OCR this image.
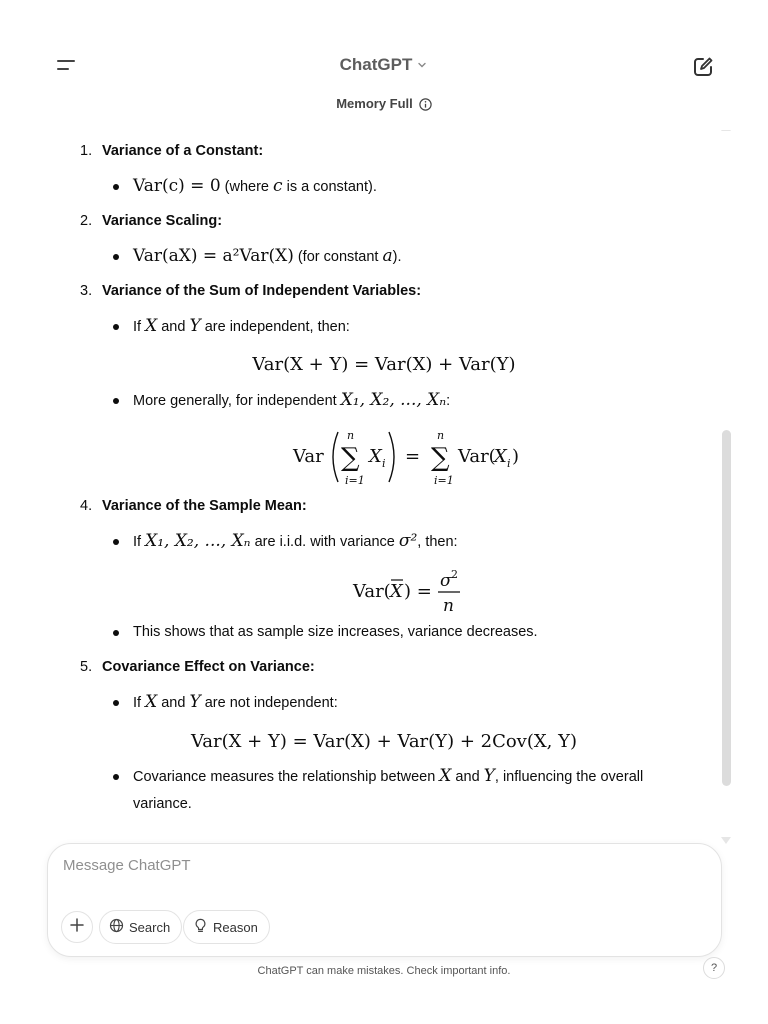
ChatGPT
Memory Full
1. Variance of a Constant:
Var(c) = 0 (where c is a constant).
2. Variance Scaling:
Var(aX) = a²Var(X) (for constant a).
3. Variance of the Sum of Independent Variables:
If X and Y are independent, then:
Var(X + Y) = Var(X) + Var(Y)
More generally, for independent X₁, X₂, ..., Xₙ:
Var
n
∑
i=1
X i =
n
∑
i=1
Var(
X i )
4. Variance of the Sample Mean:
If X₁, X₂, ..., Xₙ are i.i.d. with variance σ², then:
Var( X ) = σ 2
n
This shows that as sample size increases, variance decreases.
5. Covariance Effect on Variance:
If X and Y are not independent:
Var(X + Y) = Var(X) + Var(Y) + 2Cov(X, Y)
Covariance measures the relationship between X and Y, influencing the overall variance.
Message ChatGPT
Search	Reason
ChatGPT can make mistakes. Check important info.	?
